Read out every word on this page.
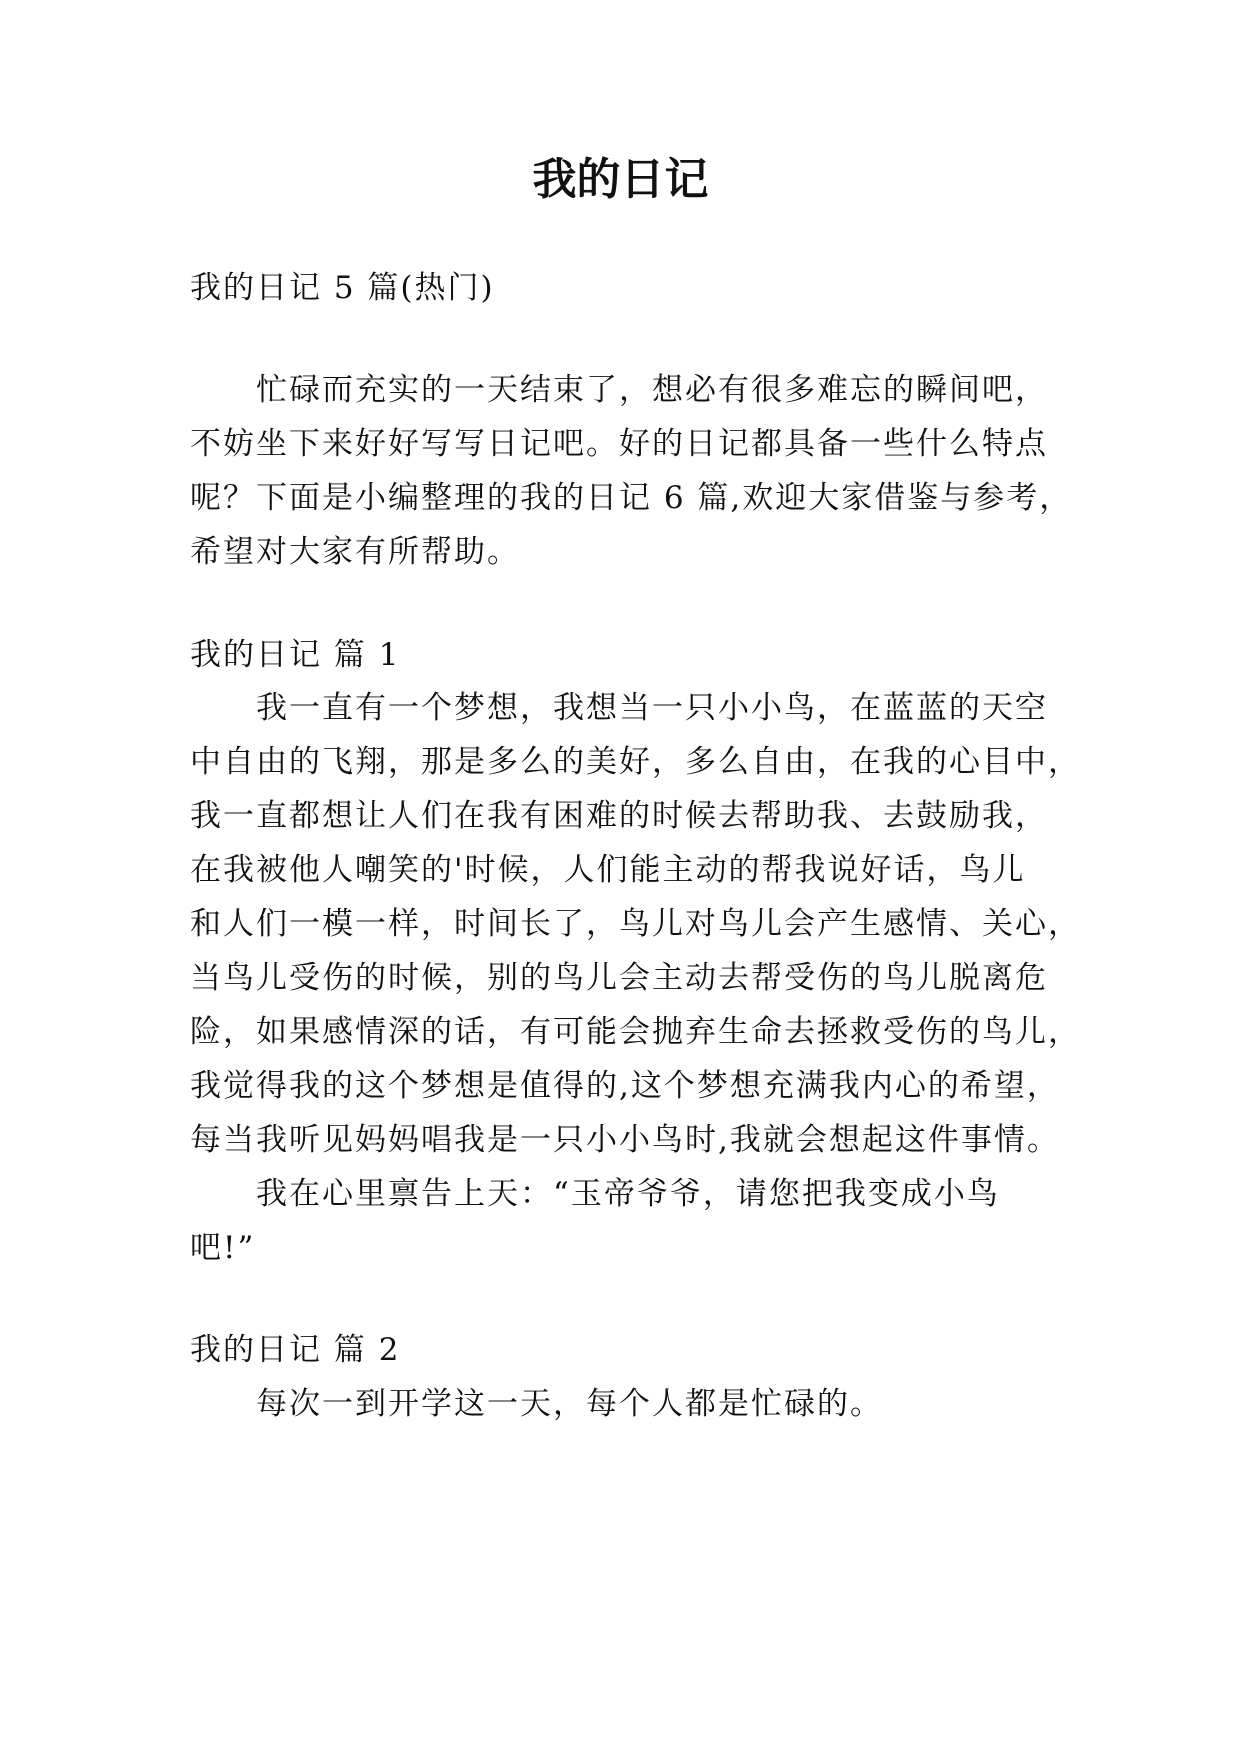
我的日记

我的日记 5 篇(热门)

忙碌而充实的一天结束了，想必有很多难忘的瞬间吧，

不妨坐下来好好写写日记吧。好的日记都具备一些什么特点

呢？下面是小编整理的我的日记 6 篇,欢迎大家借鉴与参考，

希望对大家有所帮助。

我的日记 篇 1

我一直有一个梦想，我想当一只小小鸟，在蓝蓝的天空

中自由的飞翔，那是多么的美好，多么自由，在我的心目中，

我一直都想让人们在我有困难的时候去帮助我、去鼓励我，

在我被他人嘲笑的'时候，人们能主动的帮我说好话，鸟儿

和人们一模一样，时间长了，鸟儿对鸟儿会产生感情、关心，

当鸟儿受伤的时候，别的鸟儿会主动去帮受伤的鸟儿脱离危

险，如果感情深的话，有可能会抛弃生命去拯救受伤的鸟儿，

我觉得我的这个梦想是值得的,这个梦想充满我内心的希望，

每当我听见妈妈唱我是一只小小鸟时,我就会想起这件事情。

我在心里禀告上天：“玉帝爷爷，请您把我变成小鸟

吧!”

我的日记 篇 2

每次一到开学这一天，每个人都是忙碌的。
